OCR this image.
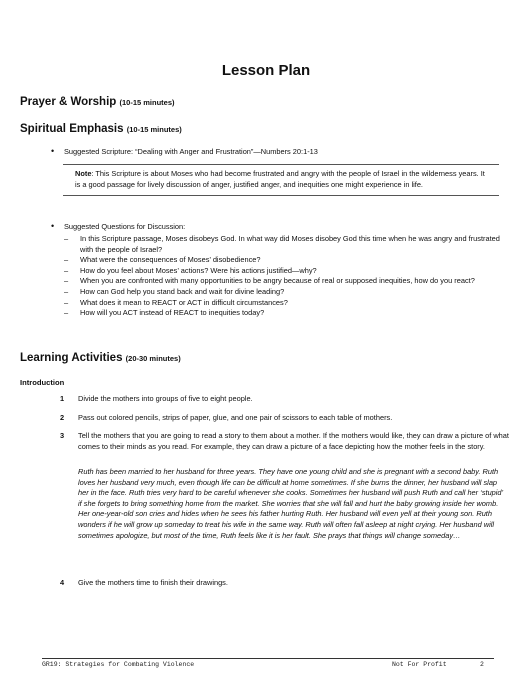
Lesson Plan
Prayer & Worship (10-15 minutes)
Spiritual Emphasis (10-15 minutes)
• Suggested Scripture: “Dealing with Anger and Frustration”—Numbers 20:1-13
Note: This Scripture is about Moses who had become frustrated and angry with the people of Israel in the wilderness years. It is a good passage for lively discussion of anger, justified anger, and inequities one might experience in life.
• Suggested Questions for Discussion:
– In this Scripture passage, Moses disobeys God. In what way did Moses disobey God this time when he was angry and frustrated with the people of Israel?
– What were the consequences of Moses’ disobedience?
– How do you feel about Moses’ actions? Were his actions justified—why?
– When you are confronted with many opportunities to be angry because of real or supposed inequities, how do you react?
– How can God help you stand back and wait for divine leading?
– What does it mean to REACT or ACT in difficult circumstances?
– How will you ACT instead of REACT to inequities today?
Learning Activities (20-30 minutes)
Introduction
1 Divide the mothers into groups of five to eight people.
2 Pass out colored pencils, strips of paper, glue, and one pair of scissors to each table of mothers.
3 Tell the mothers that you are going to read a story to them about a mother. If the mothers would like, they can draw a picture of what comes to their minds as you read. For example, they can draw a picture of a face depicting how the mother feels in the story.
Ruth has been married to her husband for three years. They have one young child and she is pregnant with a second baby. Ruth loves her husband very much, even though life can be difficult at home sometimes. If she burns the dinner, her husband will slap her in the face. Ruth tries very hard to be careful whenever she cooks. Sometimes her husband will push Ruth and call her ‘stupid’ if she forgets to bring something home from the market. She worries that she will fall and hurt the baby growing inside her womb. Her one-year-old son cries and hides when he sees his father hurting Ruth. Her husband will even yell at their young son. Ruth wonders if he will grow up someday to treat his wife in the same way. Ruth will often fall asleep at night crying. Her husband will sometimes apologize, but most of the time, Ruth feels like it is her fault. She prays that things will change someday…
4 Give the mothers time to finish their drawings.
GR19: Strategies for Combating Violence	Not For Profit	2
